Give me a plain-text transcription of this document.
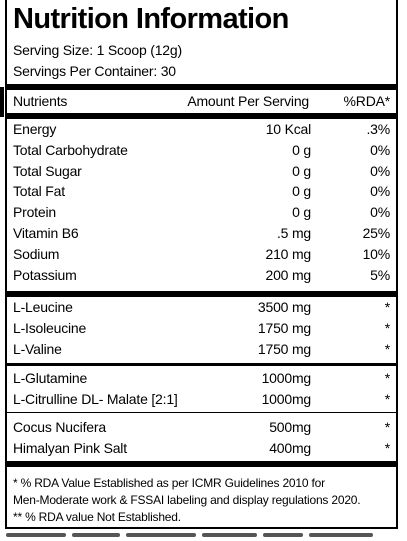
Nutrition Information
Serving Size: 1 Scoop (12g)
Servings Per Container: 30
Nutrients	Amount Per Serving %RDA*
Energy	10 Kcal	.3%
Total Carbohydrate	0 g	0%
Total Sugar	0 g	0%
Total Fat	0 g	0%
Protein	0 g	0%
Vitamin B6	.5 mg	25%
Sodium	210 mg	10%
Potassium	200 mg	5%
L-Leucine	3500 mg	*
L-Isoleucine	1750 mg	*
L-Valine	1750 mg	*
L-Glutamine	1000mg	*
L-Citrulline DL- Malate [2:1]	1000mg	*
Cocus Nucifera	500mg	*
Himalyan Pink Salt	400mg	*
* % RDA Value Established as per ICMR Guidelines 2010 for
Men-Moderate work & FSSAI labeling and display regulations 2020.
** % RDA value Not Established.
